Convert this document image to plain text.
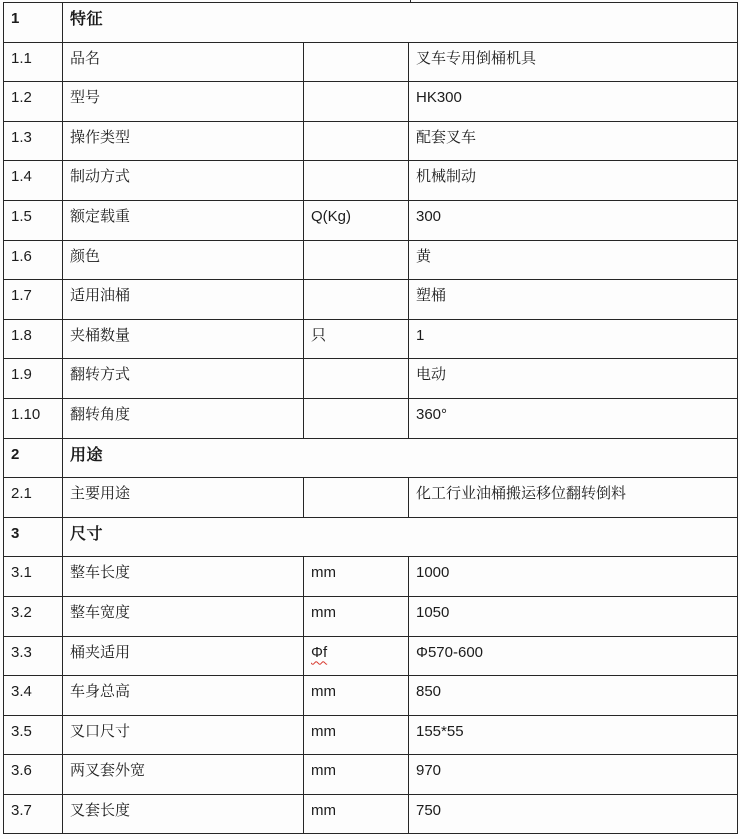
1	特征		
1.1	品名		叉车专用倒桶机具
1.2	型号		HK300
1.3	操作类型		配套叉车
1.4	制动方式		机械制动
1.5	额定载重	Q(Kg)	300
1.6	颜色		黄
1.7	适用油桶		塑桶
1.8	夹桶数量	只	1
1.9	翻转方式		电动
1.10	翻转角度		360°
2	用途		
2.1	主要用途		化工行业油桶搬运移位翻转倒料
3	尺寸		
3.1	整车长度	mm	1000
3.2	整车宽度	mm	1050
3.3	桶夹适用	Φf	Φ570-600
3.4	车身总高	mm	850
3.5	叉口尺寸	mm	155*55
3.6	两叉套外宽	mm	970
3.7	叉套长度	mm	750
